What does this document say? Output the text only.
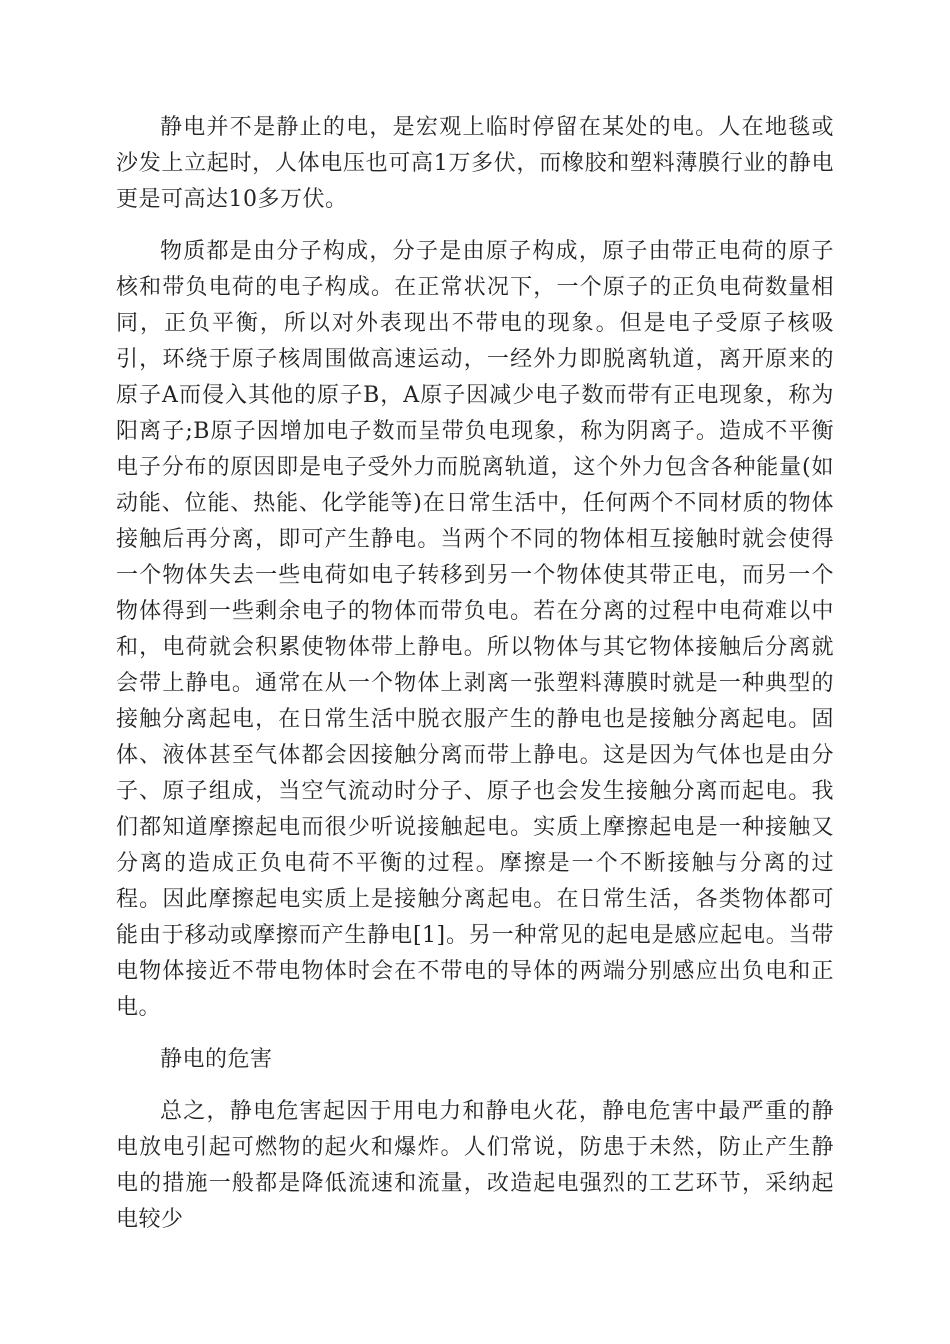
静电并不是静止的电，是宏观上临时停留在某处的电。人在地毯或沙发上立起时，人体电压也可高1万多伏，而橡胶和塑料薄膜行业的静电更是可高达10多万伏。

物质都是由分子构成，分子是由原子构成，原子由带正电荷的原子核和带负电荷的电子构成。在正常状况下，一个原子的正负电荷数量相同，正负平衡，所以对外表现出不带电的现象。但是电子受原子核吸引，环绕于原子核周围做高速运动，一经外力即脱离轨道，离开原来的原子A而侵入其他的原子B，A原子因减少电子数而带有正电现象，称为阳离子;B原子因增加电子数而呈带负电现象，称为阴离子。造成不平衡电子分布的原因即是电子受外力而脱离轨道，这个外力包含各种能量(如动能、位能、热能、化学能等)在日常生活中，任何两个不同材质的物体接触后再分离，即可产生静电。当两个不同的物体相互接触时就会使得一个物体失去一些电荷如电子转移到另一个物体使其带正电，而另一个物体得到一些剩余电子的物体而带负电。若在分离的过程中电荷难以中和，电荷就会积累使物体带上静电。所以物体与其它物体接触后分离就会带上静电。通常在从一个物体上剥离一张塑料薄膜时就是一种典型的接触分离起电，在日常生活中脱衣服产生的静电也是接触分离起电。固体、液体甚至气体都会因接触分离而带上静电。这是因为气体也是由分子、原子组成，当空气流动时分子、原子也会发生接触分离而起电。我们都知道摩擦起电而很少听说接触起电。实质上摩擦起电是一种接触又分离的造成正负电荷不平衡的过程。摩擦是一个不断接触与分离的过程。因此摩擦起电实质上是接触分离起电。在日常生活，各类物体都可能由于移动或摩擦而产生静电[1]。另一种常见的起电是感应起电。当带电物体接近不带电物体时会在不带电的导体的两端分别感应出负电和正电。

静电的危害

总之，静电危害起因于用电力和静电火花，静电危害中最严重的静电放电引起可燃物的起火和爆炸。人们常说，防患于未然，防止产生静电的措施一般都是降低流速和流量，改造起电强烈的工艺环节，采纳起电较少
